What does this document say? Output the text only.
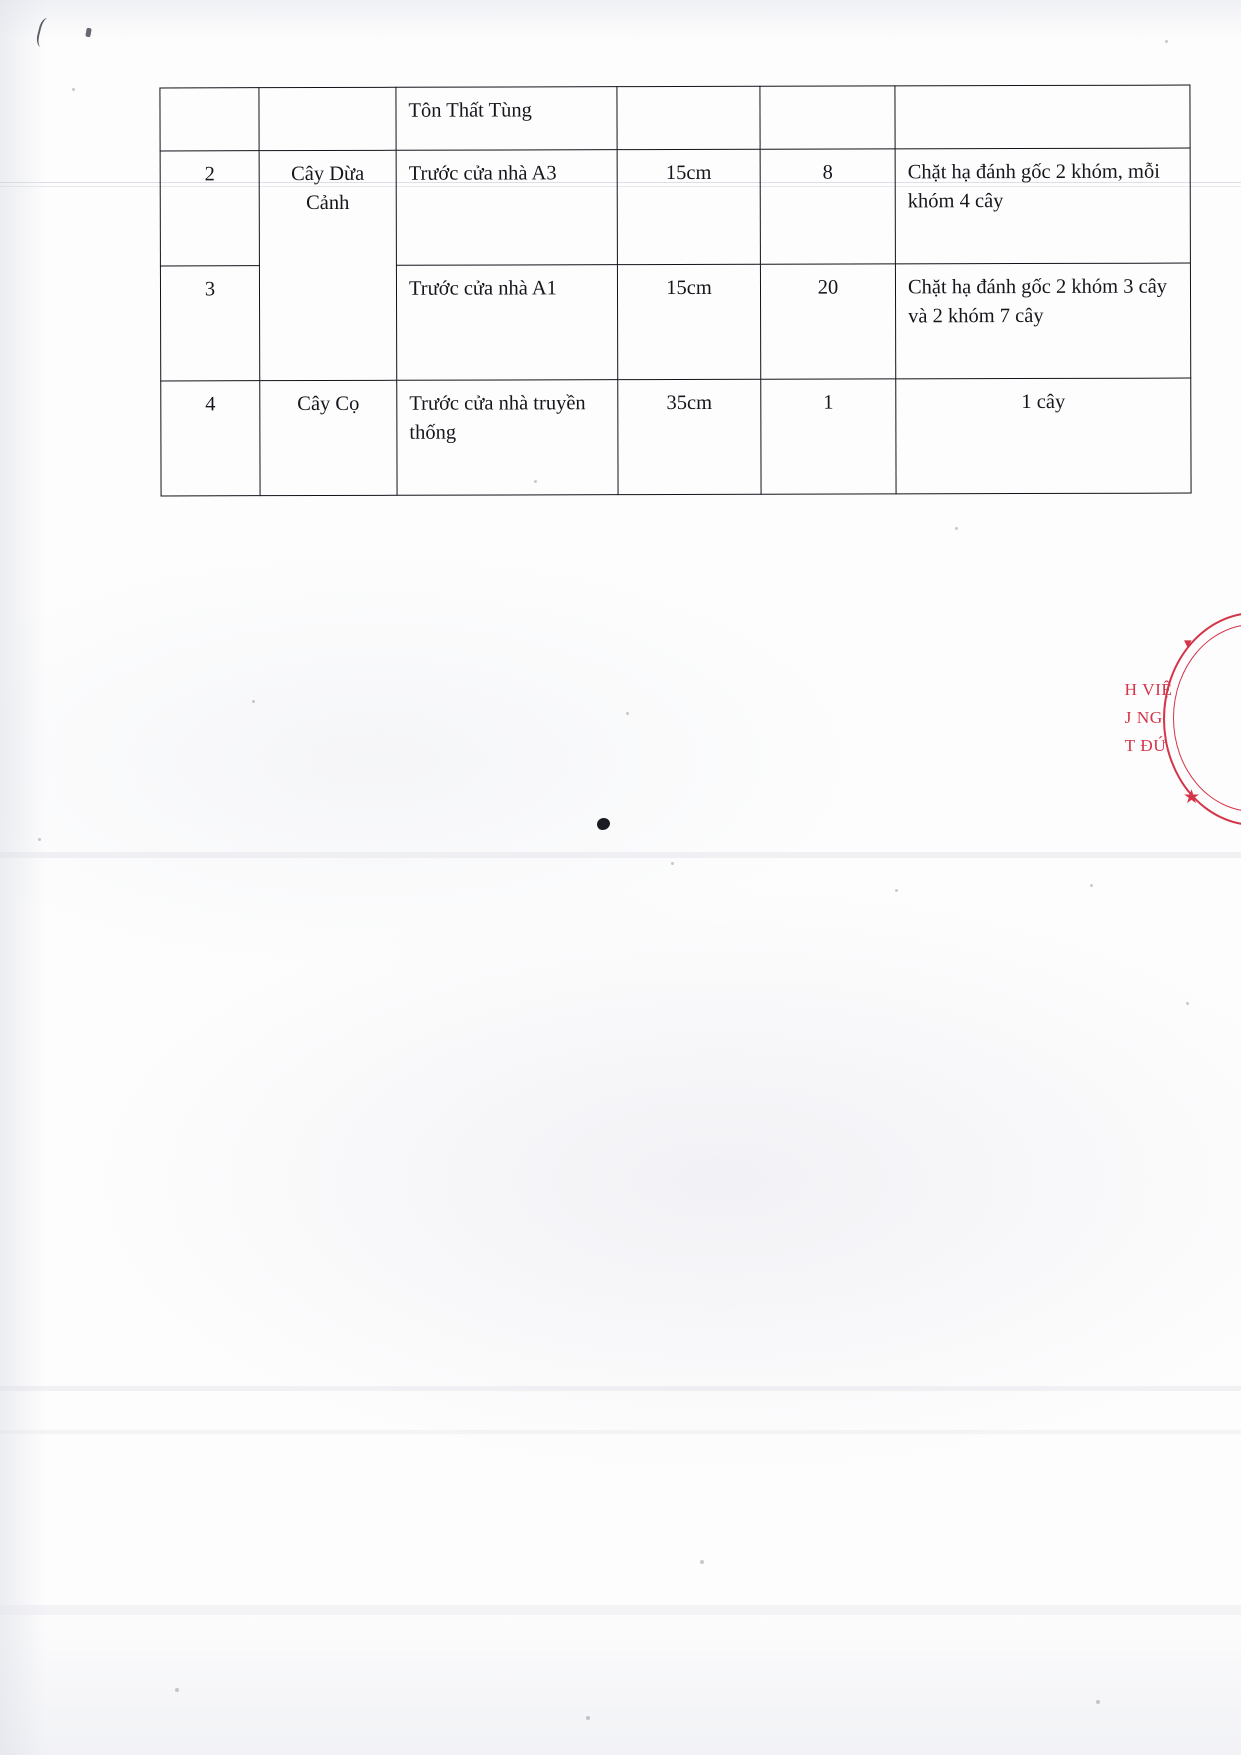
		Tôn Thất Tùng			
2	Cây Dừa Cảnh	Trước cửa nhà A3	15cm	8	Chặt hạ đánh gốc 2 khóm, mỗi khóm 4 cây
3		Trước cửa nhà A1	15cm	20	Chặt hạ đánh gốc 2 khóm 3 cây và 2 khóm 7 cây
4	Cây Cọ	Trước cửa nhà truyền thống	35cm	1	1 cây
▾
H VIỆ
J NG
T ĐỨ
★
